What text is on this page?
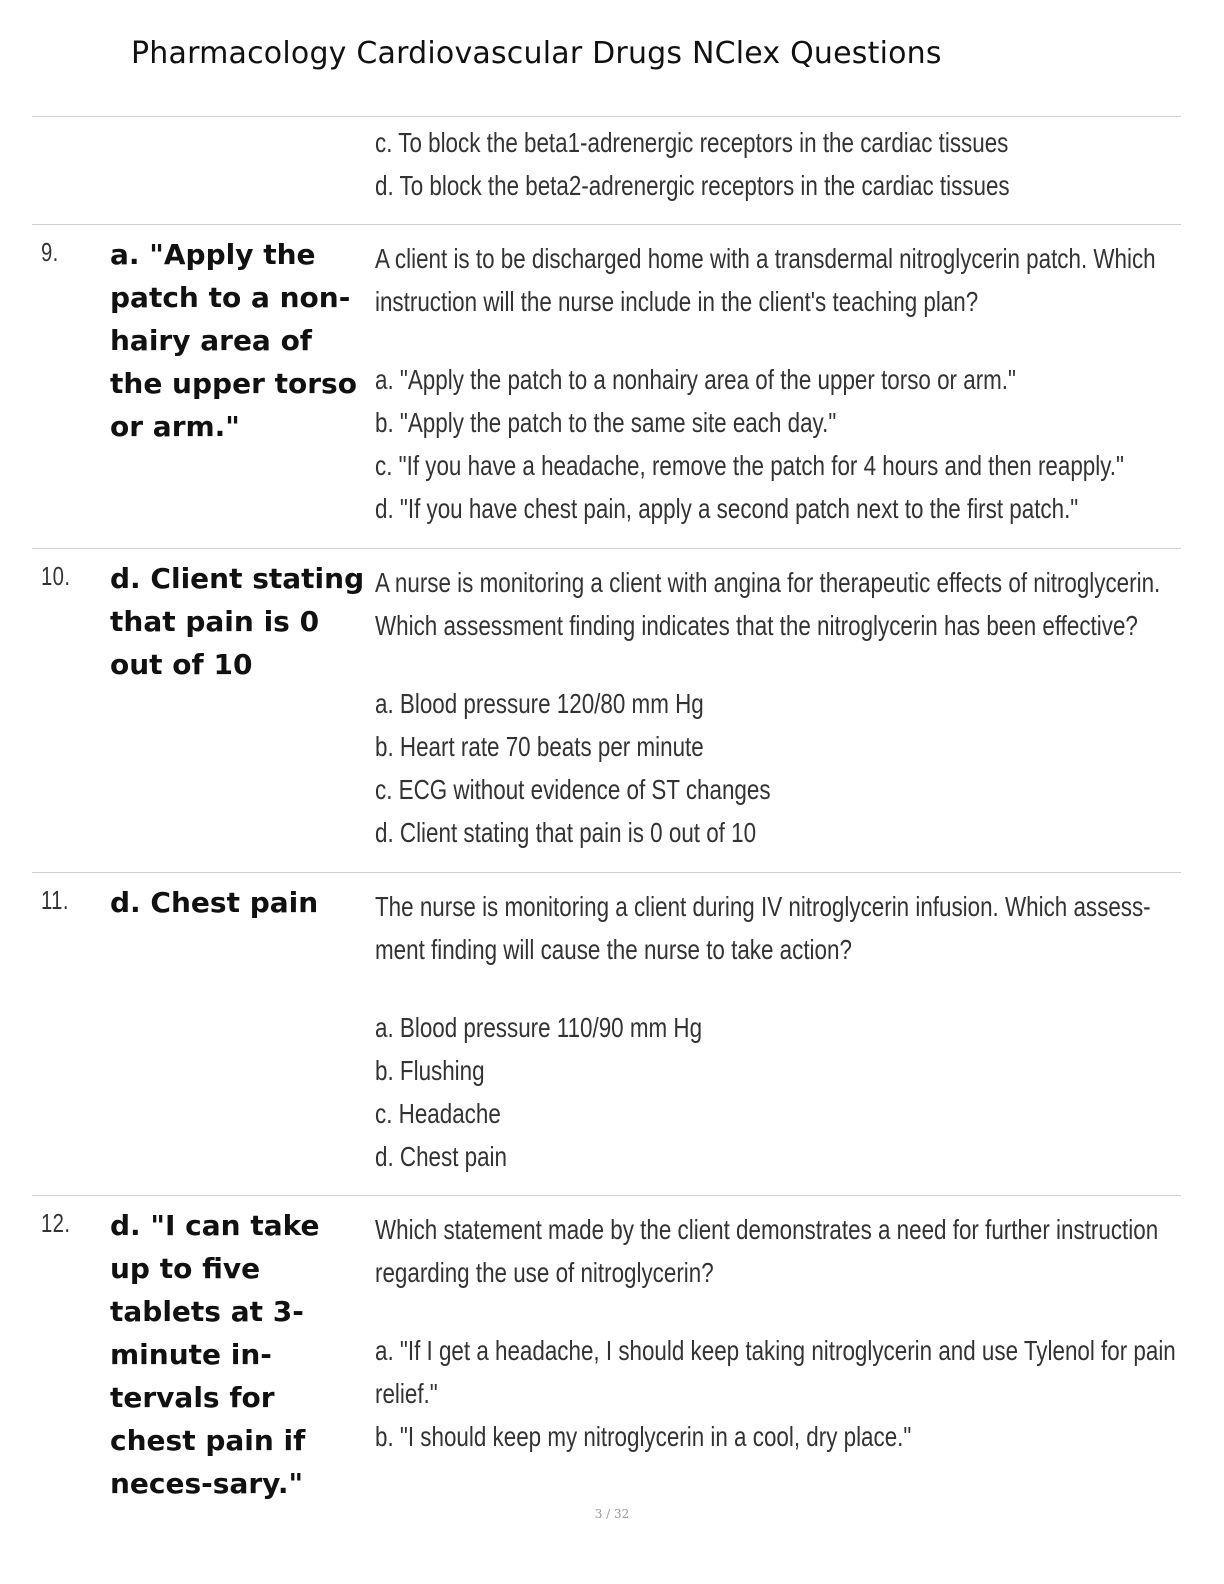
Pharmacology Cardiovascular Drugs NClex Questions

c. To block the beta1-adrenergic receptors in the cardiac tissues

d. To block the beta2-adrenergic receptors in the cardiac tissues

9. a. "Apply the patch to a non-hairy area of the upper torso or arm."

A client is to be discharged home with a transdermal nitroglycerin patch. Which

instruction will the nurse include in the client's teaching plan?

a. "Apply the patch to a nonhairy area of the upper torso or arm."

b. "Apply the patch to the same site each day."

c. "If you have a headache, remove the patch for 4 hours and then reapply."

d. "If you have chest pain, apply a second patch next to the first patch."

10. d. Client stating that pain is 0 out of 10

A nurse is monitoring a client with angina for therapeutic effects of nitroglycerin.

Which assessment finding indicates that the nitroglycerin has been effective?

a. Blood pressure 120/80 mm Hg

b. Heart rate 70 beats per minute

c. ECG without evidence of ST changes

d. Client stating that pain is 0 out of 10

11. d. Chest pain	The nurse is monitoring a client during IV nitroglycerin infusion. Which assess-

ment finding will cause the nurse to take action?

a. Blood pressure 110/90 mm Hg

b. Flushing

c. Headache

d. Chest pain

12. d. "I can take up to five tablets at 3-minute in-tervals for chest pain if neces-sary."

Which statement made by the client demonstrates a need for further instruction

regarding the use of nitroglycerin?

a. "If I get a headache, I should keep taking nitroglycerin and use Tylenol for pain

relief."

b. "I should keep my nitroglycerin in a cool, dry place."

3 / 32
